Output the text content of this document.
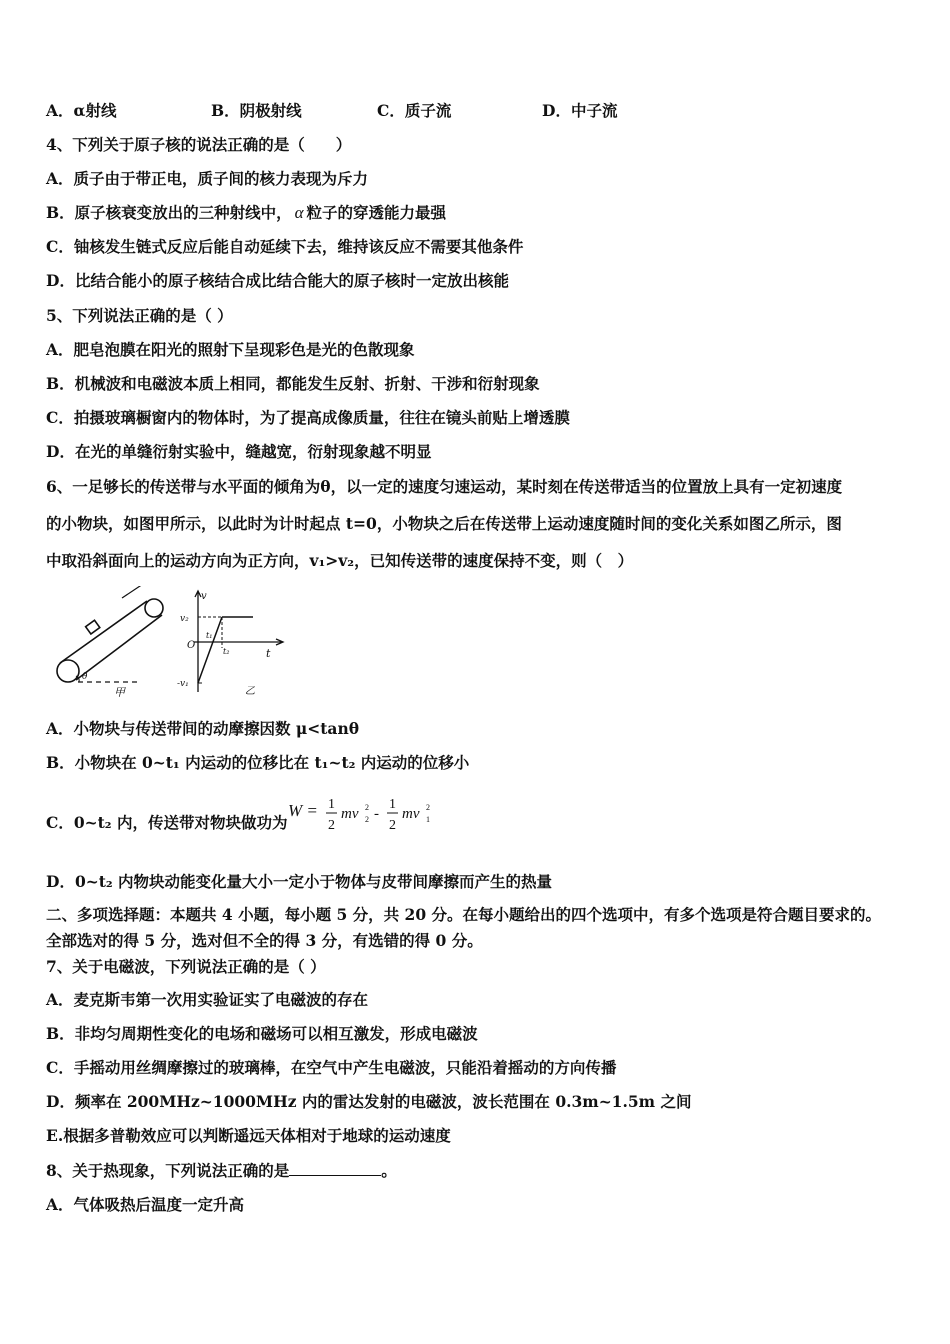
A．α射线	B．阴极射线	C．质子流	D．中子流
4、下列关于原子核的说法正确的是（　　）
A．质子由于带正电，质子间的核力表现为斥力
B．原子核衰变放出的三种射线中， α 粒子的穿透能力最强
C．铀核发生链式反应后能自动延续下去，维持该反应不需要其他条件
D．比结合能小的原子核结合成比结合能大的原子核时一定放出核能
5、下列说法正确的是（ ）
A．肥皂泡膜在阳光的照射下呈现彩色是光的色散现象
B．机械波和电磁波本质上相同，都能发生反射、折射、干涉和衍射现象
C．拍摄玻璃橱窗内的物体时，为了提高成像质量，往往在镜头前贴上增透膜
D．在光的单缝衍射实验中，缝越宽，衍射现象越不明显
6、一足够长的传送带与水平面的倾角为θ，以一定的速度匀速运动，某时刻在传送带适当的位置放上具有一定初速度
的小物块，如图甲所示，以此时为计时起点 t=0，小物块之后在传送带上运动速度随时间的变化关系如图乙所示，图
中取沿斜面向上的运动方向为正方向，v₁>v₂，已知传送带的速度保持不变，则（　）
θ
甲
v
t
O
v₂
-v₁
t₁
t₂
乙
A．小物块与传送带间的动摩擦因数 μ<tanθ
B．小物块在 0~t₁ 内运动的位移比在 t₁~t₂ 内运动的位移小
C．0~t₂ 内，传送带对物块做功为
W = 1
2
mv 2
2 -
1
2
mv 2
1
D．0~t₂ 内物块动能变化量大小一定小于物体与皮带间摩擦而产生的热量
二、多项选择题：本题共 4 小题，每小题 5 分，共 20 分。在每小题给出的四个选项中，有多个选项是符合题目要求的。
全部选对的得 5 分，选对但不全的得 3 分，有选错的得 0 分。
7、关于电磁波，下列说法正确的是（ ）
A．麦克斯韦第一次用实验证实了电磁波的存在
B．非均匀周期性变化的电场和磁场可以相互激发，形成电磁波
C．手摇动用丝绸摩擦过的玻璃棒，在空气中产生电磁波，只能沿着摇动的方向传播
D．频率在 200MHz~1000MHz 内的雷达发射的电磁波，波长范围在 0.3m~1.5m 之间
E.根据多普勒效应可以判断遥远天体相对于地球的运动速度
8、关于热现象，下列说法正确的是	。
A．气体吸热后温度一定升高
